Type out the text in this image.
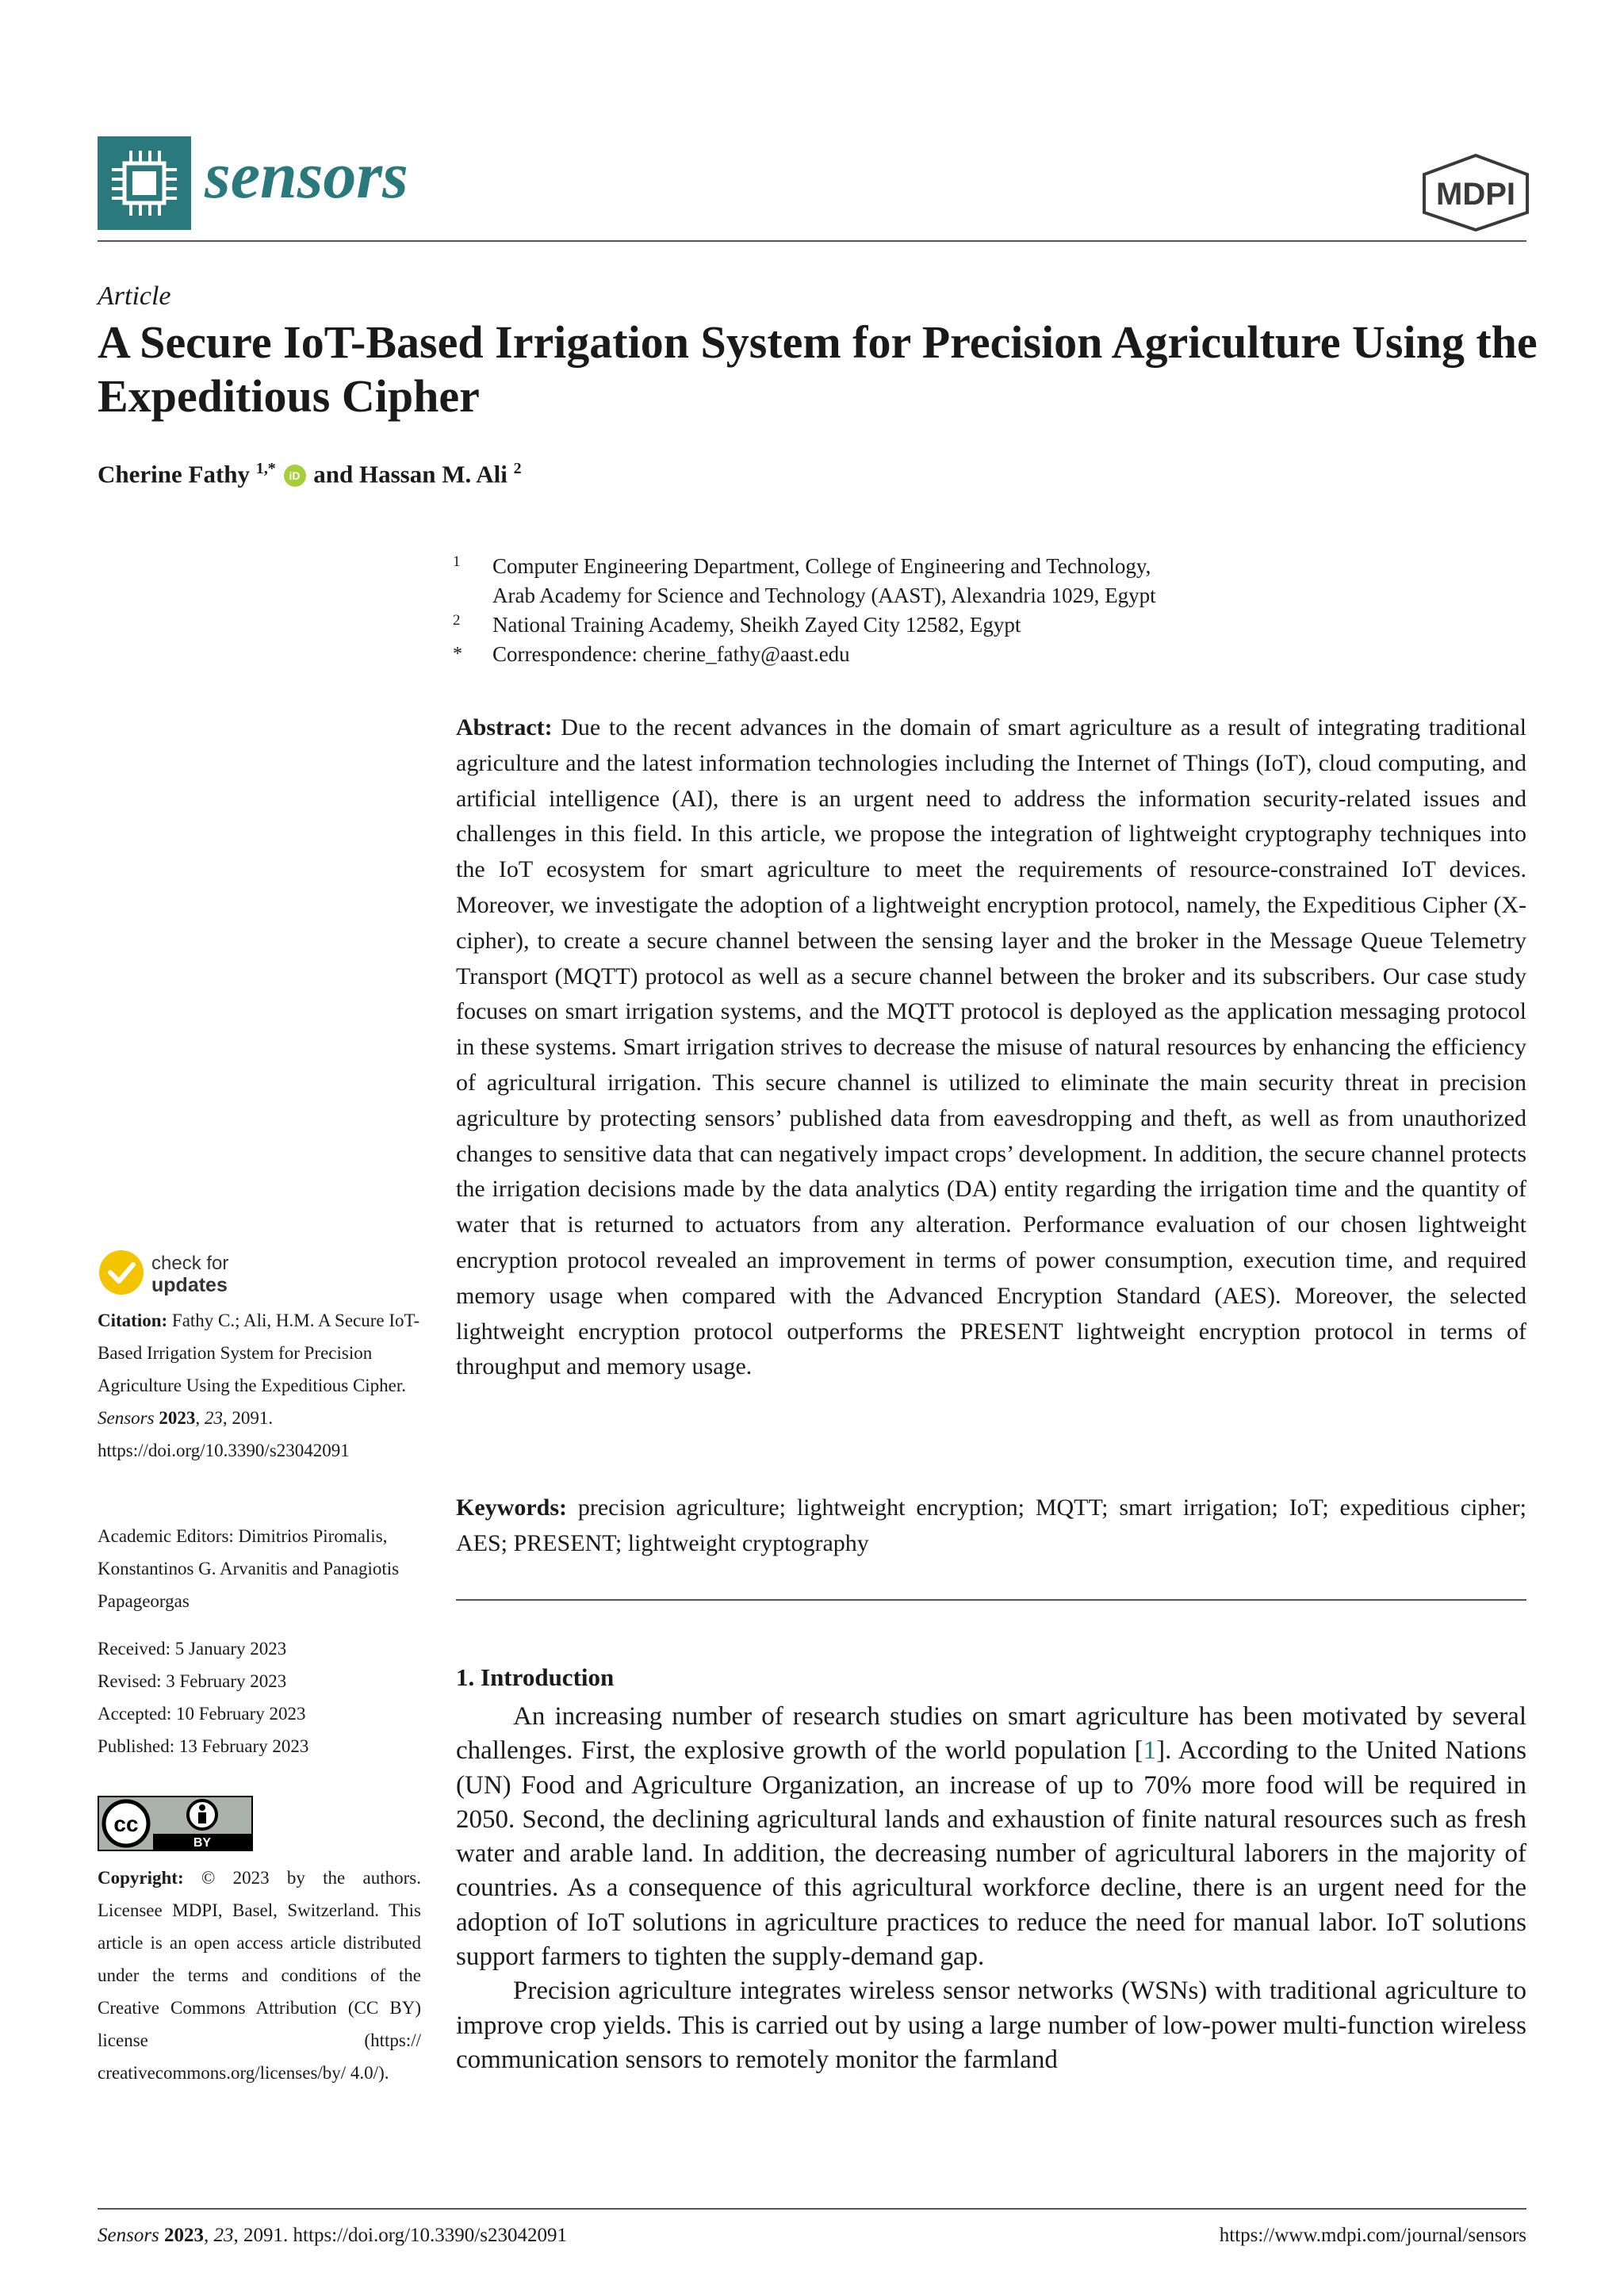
sensors	MDPI
Article
A Secure IoT-Based Irrigation System for Precision Agriculture Using the Expeditious Cipher
Cherine Fathy $^{1,*}$ iD and Hassan M. Ali $^2$
1 Computer Engineering Department, College of Engineering and Technology,
Arab Academy for Science and Technology (AAST), Alexandria 1029, Egypt
2 National Training Academy, Sheikh Zayed City 12582, Egypt
* Correspondence: cherine_fathy@aast.edu
Abstract: Due to the recent advances in the domain of smart agriculture as a result of integrating traditional agriculture and the latest information technologies including the Internet of Things (IoT), cloud computing, and artificial intelligence (AI), there is an urgent need to address the information security-related issues and challenges in this field. In this article, we propose the integration of lightweight cryptography techniques into the IoT ecosystem for smart agriculture to meet the requirements of resource-constrained IoT devices. Moreover, we investigate the adoption of a lightweight encryption protocol, namely, the Expeditious Cipher (X-cipher), to create a secure channel between the sensing layer and the broker in the Message Queue Telemetry Transport (MQTT) protocol as well as a secure channel between the broker and its subscribers. Our case study focuses on smart irrigation systems, and the MQTT protocol is deployed as the application messaging protocol in these systems. Smart irrigation strives to decrease the misuse of natural resources by enhancing the efficiency of agricultural irrigation. This secure channel is utilized to eliminate the main security threat in precision agriculture by protecting sensors’ published data from eavesdropping and theft, as well as from unauthorized changes to sensitive data that can negatively impact crops’ development. In addition, the secure channel protects the irrigation decisions made by the data analytics (DA) entity regarding the irrigation time and the quantity of water that is returned to actuators from any alteration. Performance evaluation of our chosen lightweight encryption protocol revealed an improvement in terms of power consumption, execution time, and required memory usage when compared with the Advanced Encryption Standard (AES). Moreover, the selected lightweight encryption protocol outperforms the PRESENT lightweight encryption protocol in terms of throughput and memory usage.
Keywords: precision agriculture; lightweight encryption; MQTT; smart irrigation; IoT; expeditious cipher; AES; PRESENT; lightweight cryptography
1. Introduction

An increasing number of research studies on smart agriculture has been motivated by several challenges. First, the explosive growth of the world population [1]. According to the United Nations (UN) Food and Agriculture Organization, an increase of up to 70% more food will be required in 2050. Second, the declining agricultural lands and exhaustion of finite natural resources such as fresh water and arable land. In addition, the decreasing number of agricultural laborers in the majority of countries. As a consequence of this agricultural workforce decline, there is an urgent need for the adoption of IoT solutions in agriculture practices to reduce the need for manual labor. IoT solutions support farmers to tighten the supply-demand gap.

Precision agriculture integrates wireless sensor networks (WSNs) with traditional agriculture to improve crop yields. This is carried out by using a large number of low-power multi-function wireless communication sensors to remotely monitor the farmland

check for
updates
Citation: Fathy C.; Ali, H.M. A Secure IoT-Based Irrigation System for Precision Agriculture Using the Expeditious Cipher. Sensors 2023, 23, 2091. https://doi.org/10.3390/s23042091
Academic Editors: Dimitrios Piromalis, Konstantinos G. Arvanitis and Panagiotis Papageorgas
Received: 5 January 2023
Revised: 3 February 2023
Accepted: 10 February 2023
Published: 13 February 2023
BY
cc
Copyright: © 2023 by the authors. Licensee MDPI, Basel, Switzerland. This article is an open access article distributed under the terms and conditions of the Creative Commons Attribution (CC BY) license (https:// creativecommons.org/licenses/by/ 4.0/).
Sensors 2023, 23, 2091. https://doi.org/10.3390/s23042091	https://www.mdpi.com/journal/sensors
